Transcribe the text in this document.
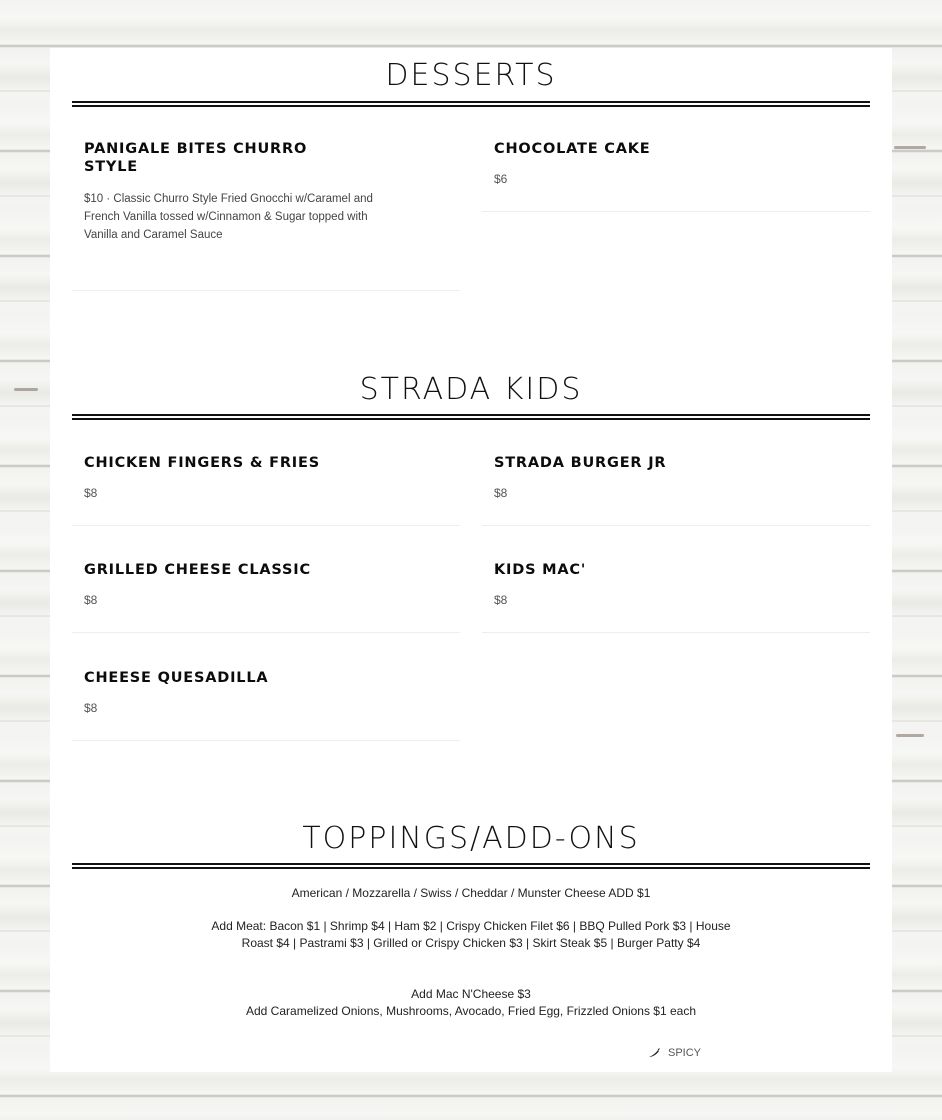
DESSERTS
PANIGALE BITES CHURRO STYLE
$10 · Classic Churro Style Fried Gnocchi w/Caramel and French Vanilla tossed w/Cinnamon & Sugar topped with Vanilla and Caramel Sauce
CHOCOLATE CAKE
$6
STRADA KIDS
CHICKEN FINGERS & FRIES
$8
STRADA BURGER JR
$8
GRILLED CHEESE CLASSIC
$8
KIDS MAC'
$8
CHEESE QUESADILLA
$8
TOPPINGS/ADD-ONS
American / Mozzarella / Swiss / Cheddar / Munster Cheese ADD $1
Add Meat: Bacon $1 | Shrimp $4 | Ham $2 | Crispy Chicken Filet $6 | BBQ Pulled Pork $3 | House Roast $4 | Pastrami $3 | Grilled or Crispy Chicken $3 | Skirt Steak $5 | Burger Patty $4
Add Mac N'Cheese $3
Add Caramelized Onions, Mushrooms, Avocado, Fried Egg, Frizzled Onions $1 each
SPICY
